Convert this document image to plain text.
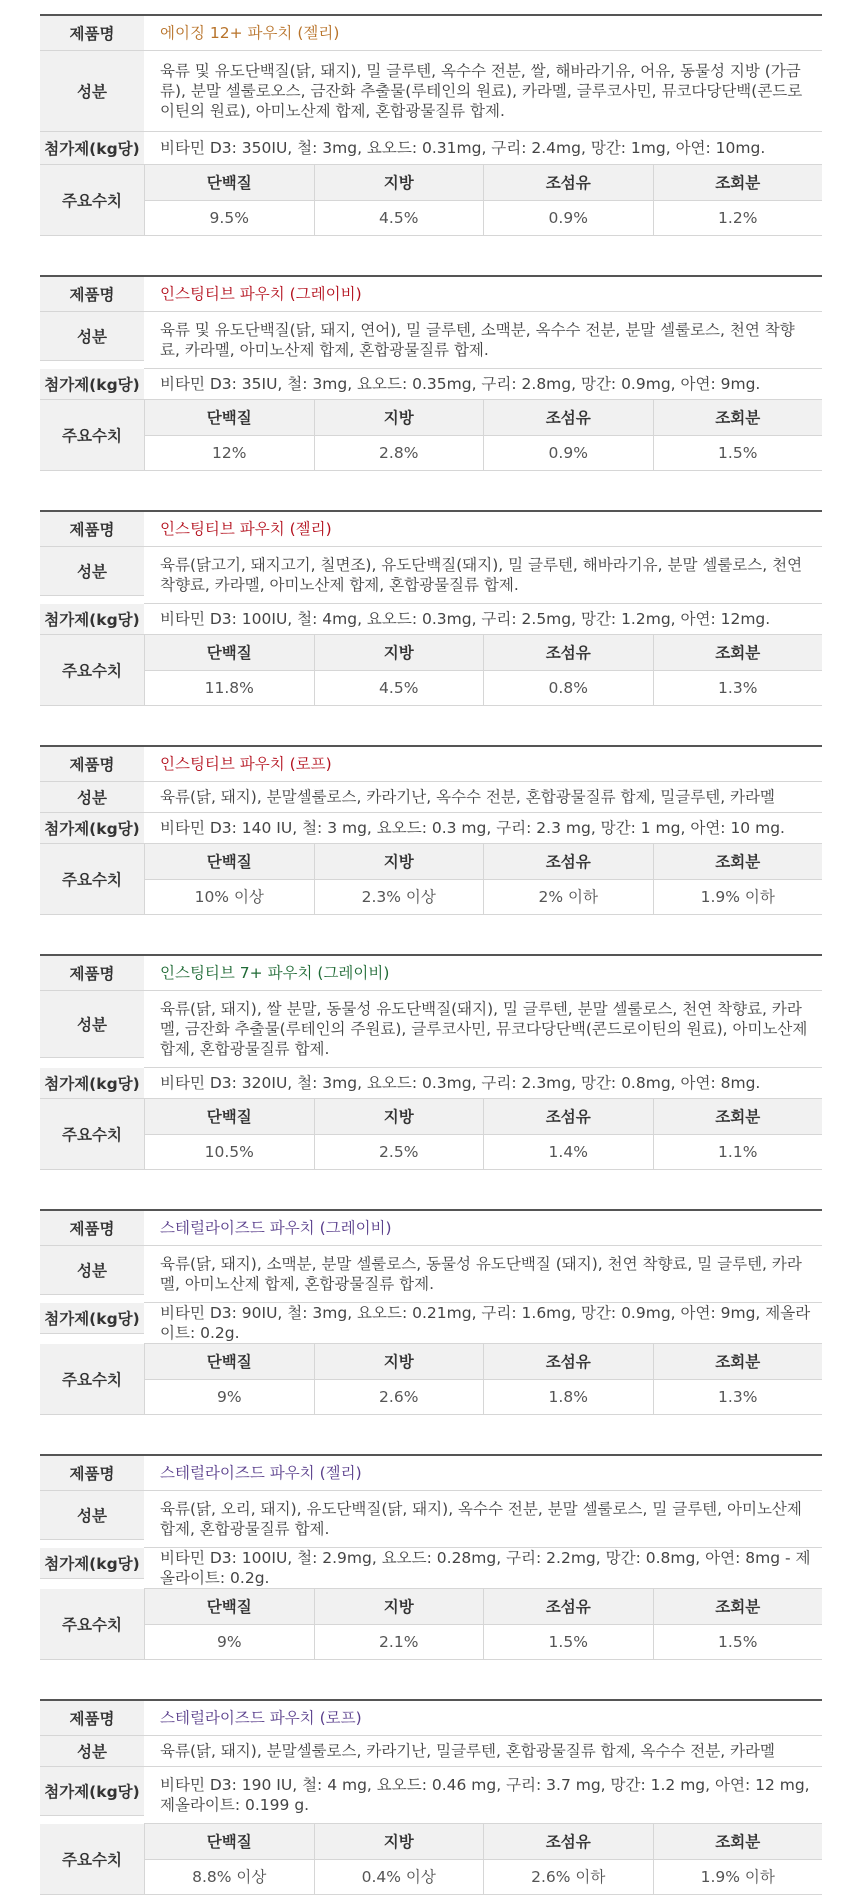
제품명	에이징 12+ 파우치 (젤리)
성분
육류 및 유도단백질(닭, 돼지), 밀 글루텐, 옥수수 전분, 쌀, 해바라기유, 어유, 동물성 지방 (가금류), 분말 셀룰로오스, 금잔화 추출물(루테인의 원료), 카라멜, 글루코사민, 뮤코다당단백(콘드로이틴의 원료), 아미노산제 합제, 혼합광물질류 합제.
첨가제(kg당)	비타민 D3: 350IU, 철: 3mg, 요오드: 0.31mg, 구리: 2.4mg, 망간: 1mg, 아연: 10mg.
주요수치
단백질	지방	조섬유	조회분
9.5%	4.5%	0.9%	1.2%
제품명	인스팅티브 파우치 (그레이비)
성분	육류 및 유도단백질(닭, 돼지, 연어), 밀 글루텐, 소맥분, 옥수수 전분, 분말 셀룰로스, 천연 착향료, 카라멜, 아미노산제 합제, 혼합광물질류 합제.
첨가제(kg당)	비타민 D3: 35IU, 철: 3mg, 요오드: 0.35mg, 구리: 2.8mg, 망간: 0.9mg, 아연: 9mg.
주요수치
단백질	지방	조섬유	조회분
12%	2.8%	0.9%	1.5%
제품명	인스팅티브 파우치 (젤리)
성분	육류(닭고기, 돼지고기, 칠면조), 유도단백질(돼지), 밀 글루텐, 해바라기유, 분말 셀룰로스, 천연 착향료, 카라멜, 아미노산제 합제, 혼합광물질류 합제.
첨가제(kg당)	비타민 D3: 100IU, 철: 4mg, 요오드: 0.3mg, 구리: 2.5mg, 망간: 1.2mg, 아연: 12mg.
주요수치
단백질	지방	조섬유	조회분
11.8%	4.5%	0.8%	1.3%
제품명	인스팅티브 파우치 (로프)
성분	육류(닭, 돼지), 분말셀룰로스, 카라기난, 옥수수 전분, 혼합광물질류 합제, 밀글루텐, 카라멜
첨가제(kg당)	비타민 D3: 140 IU, 철: 3 mg, 요오드: 0.3 mg, 구리: 2.3 mg, 망간: 1 mg, 아연: 10 mg.
주요수치
단백질	지방	조섬유	조회분
10% 이상	2.3% 이상	2% 이하	1.9% 이하
제품명	인스팅티브 7+ 파우치 (그레이비)
성분
육류(닭, 돼지), 쌀 분말, 동물성 유도단백질(돼지), 밀 글루텐, 분말 셀룰로스, 천연 착향료, 카라멜, 금잔화 추출물(루테인의 주원료), 글루코사민, 뮤코다당단백(콘드로이틴의 원료), 아미노산제 합제, 혼합광물질류 합제.
첨가제(kg당)	비타민 D3: 320IU, 철: 3mg, 요오드: 0.3mg, 구리: 2.3mg, 망간: 0.8mg, 아연: 8mg.
주요수치
단백질	지방	조섬유	조회분
10.5%	2.5%	1.4%	1.1%
제품명	스테럴라이즈드 파우치 (그레이비)
성분	육류(닭, 돼지), 소맥분, 분말 셀룰로스, 동물성 유도단백질 (돼지), 천연 착향료, 밀 글루텐, 카라멜, 아미노산제 합제, 혼합광물질류 합제.
첨가제(kg당)	비타민 D3: 90IU, 철: 3mg, 요오드: 0.21mg, 구리: 1.6mg, 망간: 0.9mg, 아연: 9mg, 제올라이트: 0.2g.
주요수치
단백질	지방	조섬유	조회분
9%	2.6%	1.8%	1.3%
제품명	스테럴라이즈드 파우치 (젤리)
성분	육류(닭, 오리, 돼지), 유도단백질(닭, 돼지), 옥수수 전분, 분말 셀룰로스, 밀 글루텐, 아미노산제 합제, 혼합광물질류 합제.
첨가제(kg당)	비타민 D3: 100IU, 철: 2.9mg, 요오드: 0.28mg, 구리: 2.2mg, 망간: 0.8mg, 아연: 8mg - 제올라이트: 0.2g.
주요수치
단백질	지방	조섬유	조회분
9%	2.1%	1.5%	1.5%
제품명	스테럴라이즈드 파우치 (로프)
성분	육류(닭, 돼지), 분말셀룰로스, 카라기난, 밀글루텐, 혼합광물질류 합제, 옥수수 전분, 카라멜
첨가제(kg당)	비타민 D3: 190 IU, 철: 4 mg, 요오드: 0.46 mg, 구리: 3.7 mg, 망간: 1.2 mg, 아연: 12 mg, 제올라이트: 0.199 g.
주요수치
단백질	지방	조섬유	조회분
8.8% 이상	0.4% 이상	2.6% 이하	1.9% 이하
